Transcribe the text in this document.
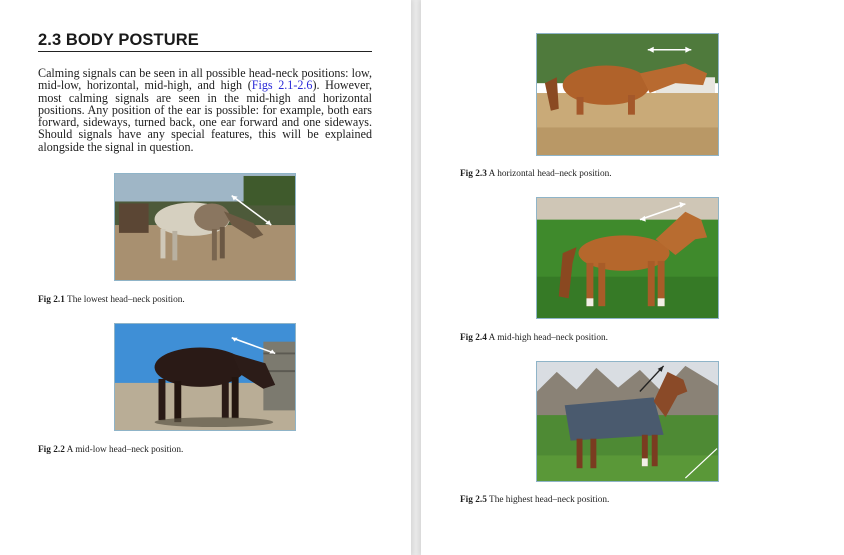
2.3 BODY POSTURE

Calming signals can be seen in all possible head-neck positions: low, mid-low, horizontal, mid-high, and high (Figs 2.1-2.6). However, most calming signals are seen in the mid-high and horizontal positions. Any position of the ear is possible: for example, both ears forward, sideways, turned back, one ear forward and one sideways. Should signals have any special features, this will be explained alongside the signal in question.

Fig 2.1 The lowest head–neck position.
Fig 2.2 A mid-low head–neck position.
Fig 2.3 A horizontal head–neck position.
Fig 2.4 A mid-high head–neck position.
Fig 2.5 The highest head–neck position.
